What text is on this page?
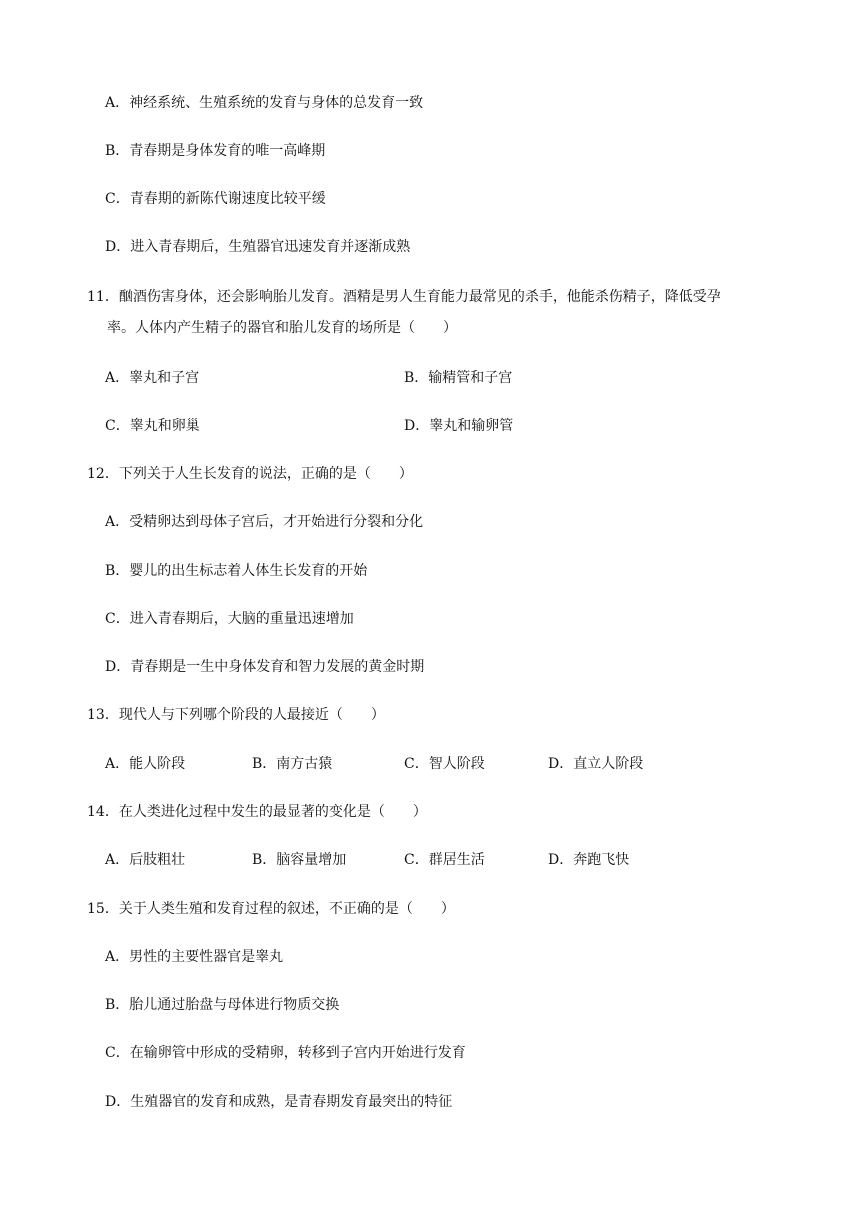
A．神经系统、生殖系统的发育与身体的总发育一致
B．青春期是身体发育的唯一高峰期
C．青春期的新陈代谢速度比较平缓
D．进入青春期后，生殖器官迅速发育并逐渐成熟
11．酗酒伤害身体，还会影响胎儿发育。酒精是男人生育能力最常见的杀手，他能杀伤精子，降低受孕
率。人体内产生精子的器官和胎儿发育的场所是（　　）
A．睾丸和子宫	B．输精管和子宫
C．睾丸和卵巢	D．睾丸和输卵管
12．下列关于人生长发育的说法，正确的是（　　）
A．受精卵达到母体子宫后，才开始进行分裂和分化
B．婴儿的出生标志着人体生长发育的开始
C．进入青春期后，大脑的重量迅速增加
D．青春期是一生中身体发育和智力发展的黄金时期
13．现代人与下列哪个阶段的人最接近（　　）
A．能人阶段	B．南方古猿	C．智人阶段	D．直立人阶段
14．在人类进化过程中发生的最显著的变化是（　　）
A．后肢粗壮	B．脑容量增加	C．群居生活	D．奔跑飞快
15．关于人类生殖和发育过程的叙述，不正确的是（　　）
A．男性的主要性器官是睾丸
B．胎儿通过胎盘与母体进行物质交换
C．在输卵管中形成的受精卵，转移到子宫内开始进行发育
D．生殖器官的发育和成熟，是青春期发育最突出的特征
